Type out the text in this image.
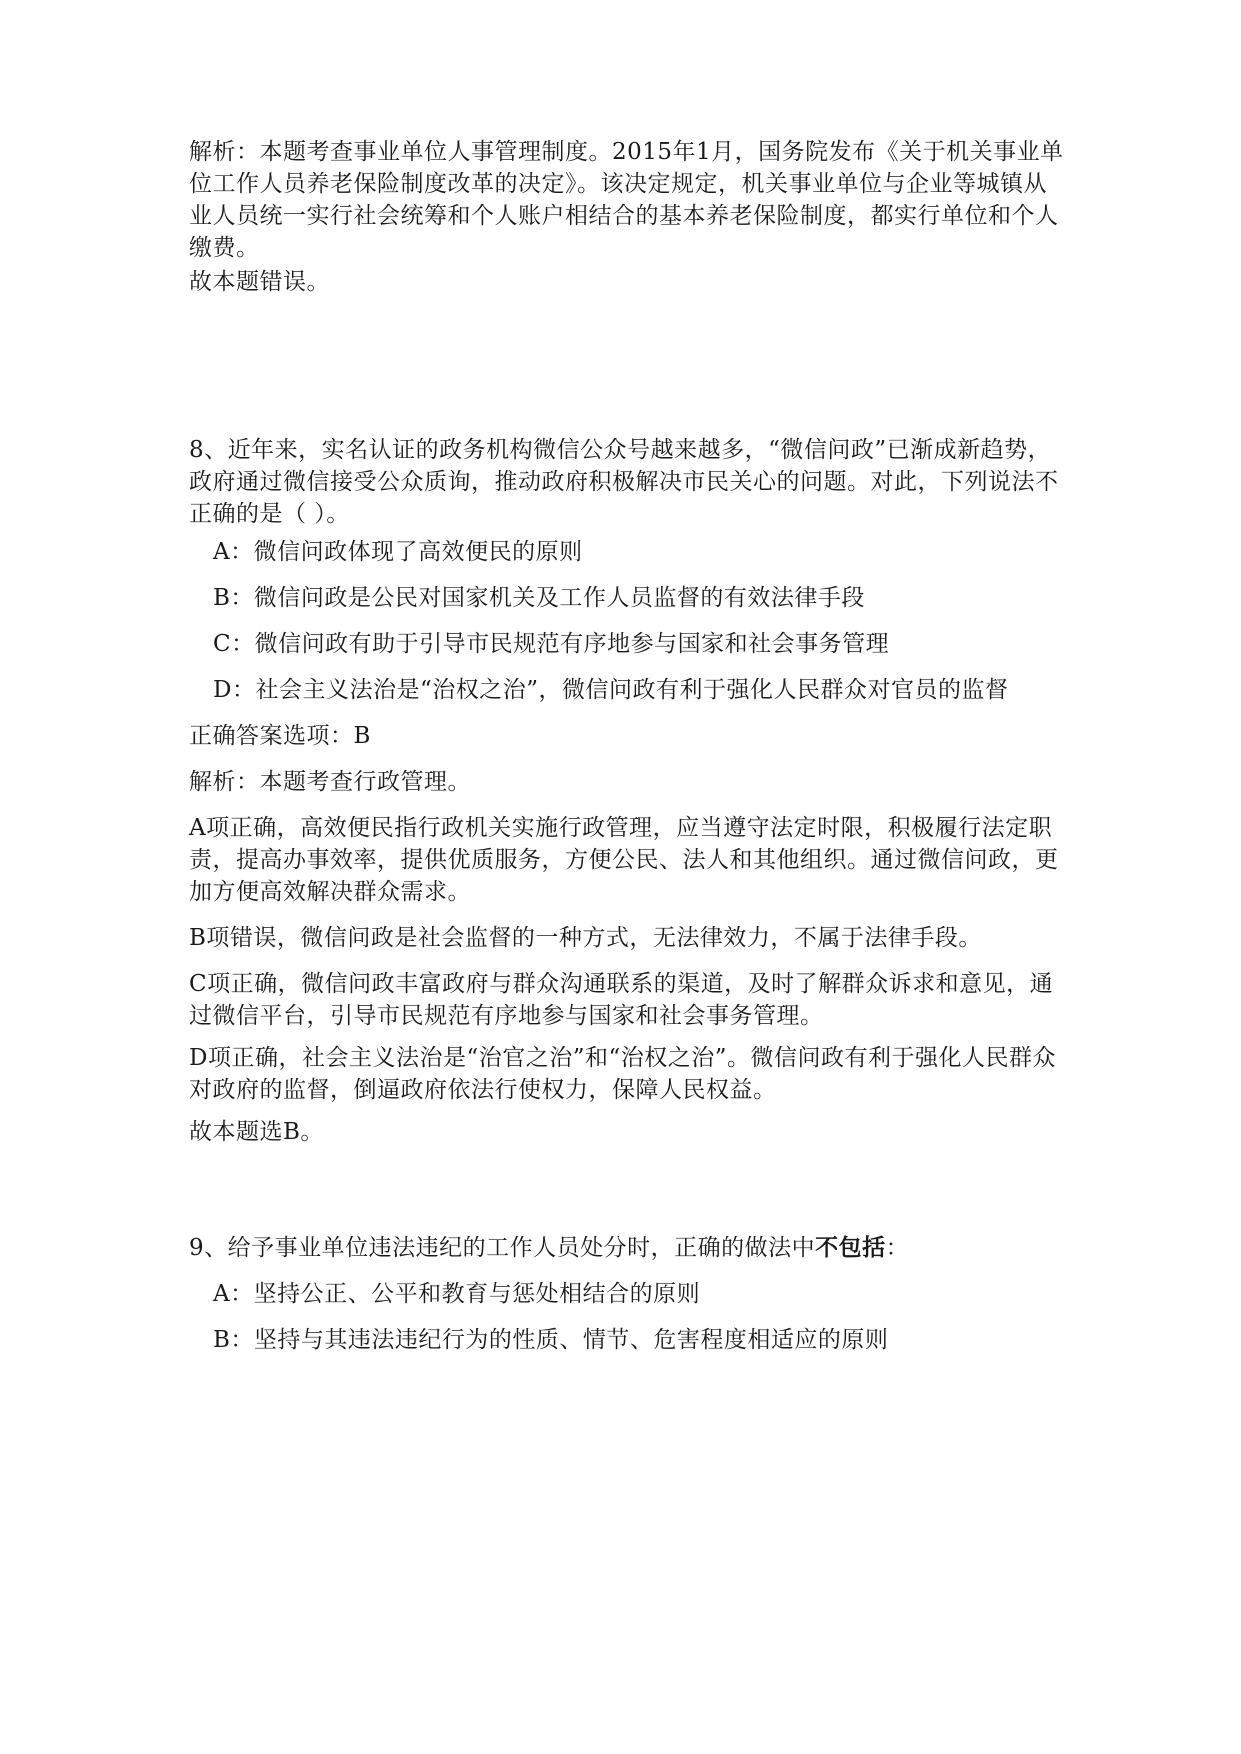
解析：本题考查事业单位人事管理制度。2015年1月，国务院发布《关于机关事业单位工作人员养老保险制度改革的决定》。该决定规定，机关事业单位与企业等城镇从业人员统一实行社会统筹和个人账户相结合的基本养老保险制度，都实行单位和个人缴费。
故本题错误。
8、近年来，实名认证的政务机构微信公众号越来越多，“微信问政”已渐成新趋势，政府通过微信接受公众质询，推动政府积极解决市民关心的问题。对此，下列说法不正确的是（ ）。
A：微信问政体现了高效便民的原则
B：微信问政是公民对国家机关及工作人员监督的有效法律手段
C：微信问政有助于引导市民规范有序地参与国家和社会事务管理
D：社会主义法治是“治权之治”，微信问政有利于强化人民群众对官员的监督
正确答案选项：B
解析：本题考查行政管理。
A项正确，高效便民指行政机关实施行政管理，应当遵守法定时限，积极履行法定职责，提高办事效率，提供优质服务，方便公民、法人和其他组织。通过微信问政，更加方便高效解决群众需求。
B项错误，微信问政是社会监督的一种方式，无法律效力，不属于法律手段。
C项正确，微信问政丰富政府与群众沟通联系的渠道，及时了解群众诉求和意见，通过微信平台，引导市民规范有序地参与国家和社会事务管理。
D项正确，社会主义法治是“治官之治”和“治权之治”。微信问政有利于强化人民群众对政府的监督，倒逼政府依法行使权力，保障人民权益。
故本题选B。
9、给予事业单位违法违纪的工作人员处分时，正确的做法中不包括：
A：坚持公正、公平和教育与惩处相结合的原则
B：坚持与其违法违纪行为的性质、情节、危害程度相适应的原则
